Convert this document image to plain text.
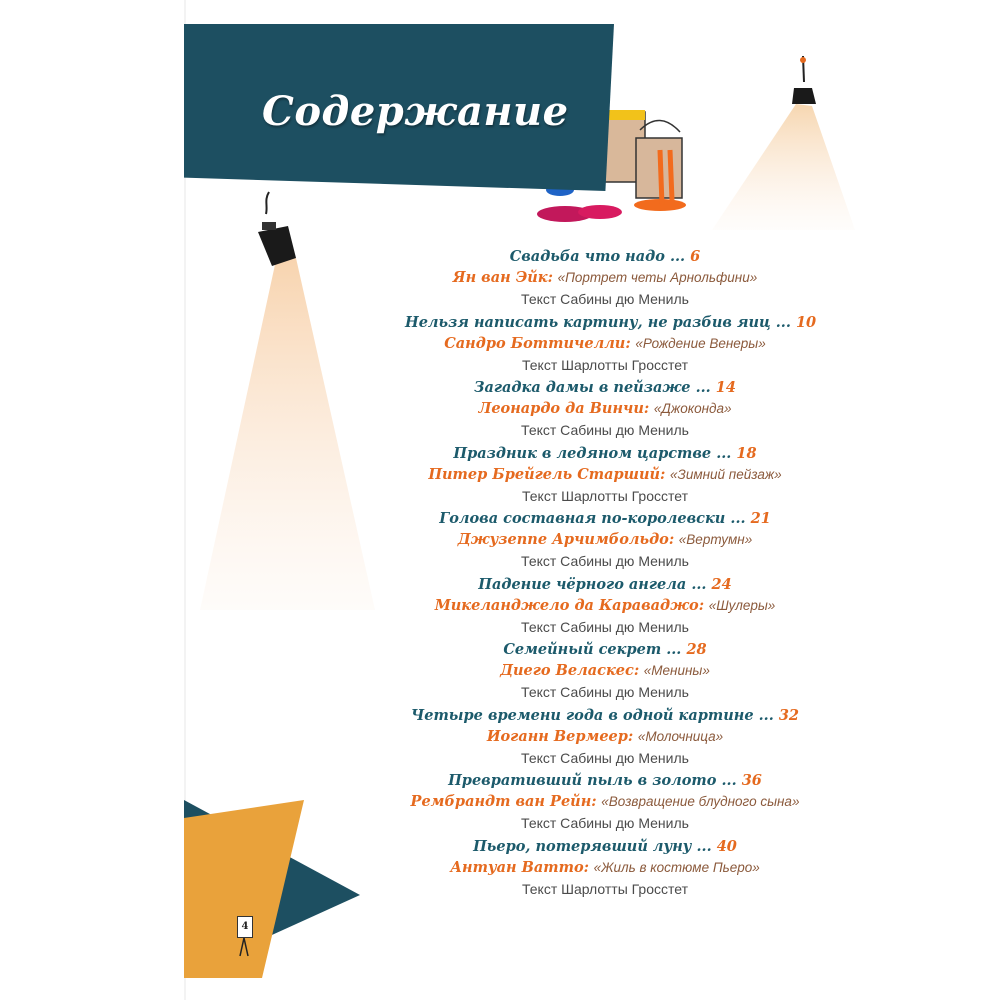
Содержание
Свадьба что надо ... 6
Ян ван Эйк: «Портрет четы Арнольфини»
Текст Сабины дю Мениль
Нельзя написать картину, не разбив яиц ... 10
Сандро Боттичелли: «Рождение Венеры»
Текст Шарлотты Гросстет
Загадка дамы в пейзаже ... 14
Леонардо да Винчи: «Джоконда»
Текст Сабины дю Мениль
Праздник в ледяном царстве ... 18
Питер Брейгель Старший: «Зимний пейзаж»
Текст Шарлотты Гросстет
Голова составная по-королевски ... 21
Джузеппе Арчимбольдо: «Вертумн»
Текст Сабины дю Мениль
Падение чёрного ангела ... 24
Микеланджело да Караваджо: «Шулеры»
Текст Сабины дю Мениль
Семейный секрет ... 28
Диего Веласкес: «Менины»
Текст Сабины дю Мениль
Четыре времени года в одной картине ... 32
Иоганн Вермеер: «Молочница»
Текст Сабины дю Мениль
Превративший пыль в золото ... 36
Рембрандт ван Рейн: «Возвращение блудного сына»
Текст Сабины дю Мениль
Пьеро, потерявший луну ... 40
Антуан Ватто: «Жиль в костюме Пьеро»
Текст Шарлотты Гросстет
4
